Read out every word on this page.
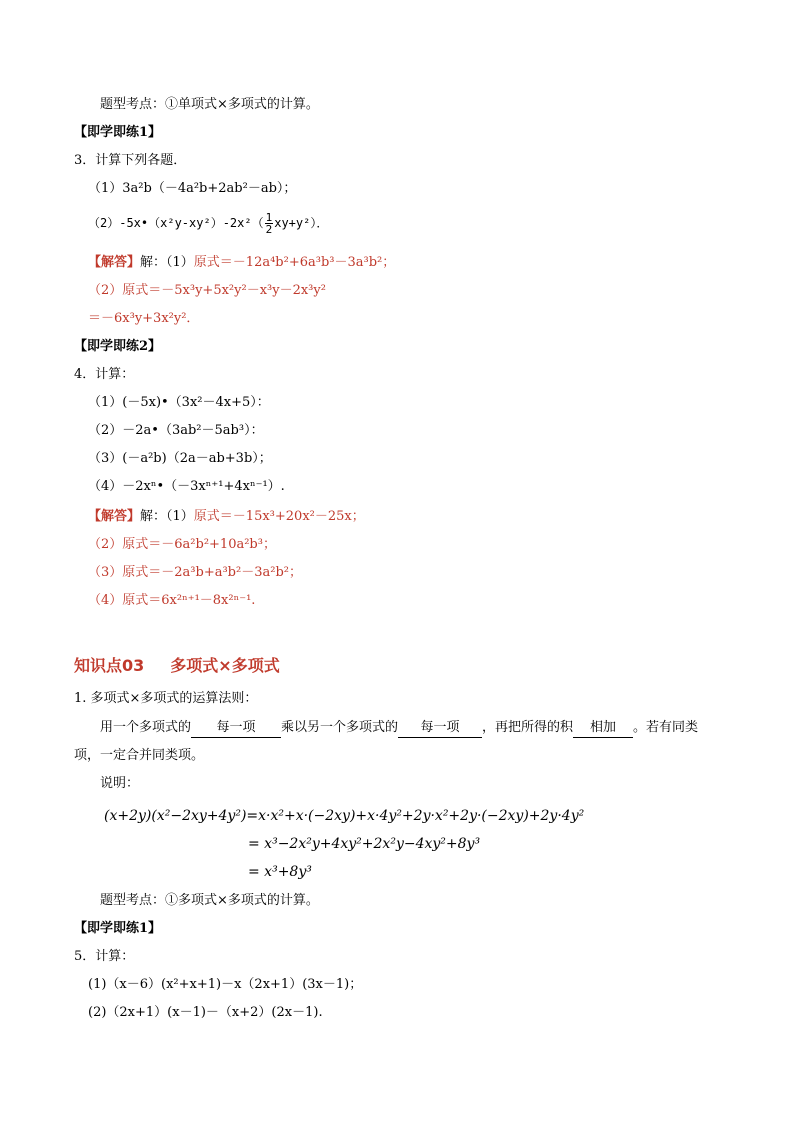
题型考点：①单项式×多项式的计算。
【即学即练1】
3．计算下列各题．
（1）3a²b（－4a²b+2ab²－ab）；
（2）-5x•（x²y-xy²）-2x²（ $\frac{1}{2} xy+y^2$）．
【解答】解：（1）原式＝－12a⁴b²+6a³b³－3a³b²；
（2）原式＝－5x³y+5x²y²－x³y－2x³y²
＝－6x³y+3x²y²．
【即学即练2】
4．计算：
（1）(－5x)•（3x²－4x+5）：
（2）－2a•（3ab²－5ab³）：
（3）(－a²b)（2a－ab+3b）；
（4）－2xⁿ•（－3xⁿ⁺¹+4xⁿ⁻¹）.
【解答】解：（1）原式＝－15x³+20x²－25x；
（2）原式＝－6a²b²+10a²b³；
（3）原式＝－2a³b+a³b²－3a²b²；
（4）原式＝6x²ⁿ⁺¹－8x²ⁿ⁻¹.
知识点03 多项式×多项式
1. 多项式×多项式的运算法则：
用一个多项式的 每一项 乘以另一个多项式的 每一项 ，再把所得的积 相加 。若有同类
项，一定合并同类项。
说明：
(x+2y)(x²−2xy+4y²)=x·x²+x·(−2xy)+x·4y²+2y·x²+2y·(−2xy)+2y·4y²
= x³−2x²y+4xy²+2x²y−4xy²+8y³
= x³+8y³
题型考点：①多项式×多项式的计算。
【即学即练1】
5．计算：
(1)（x－6）(x²+x+1)－x（2x+1）(3x－1)；
(2)（2x+1）(x－1)－（x+2）(2x－1).
